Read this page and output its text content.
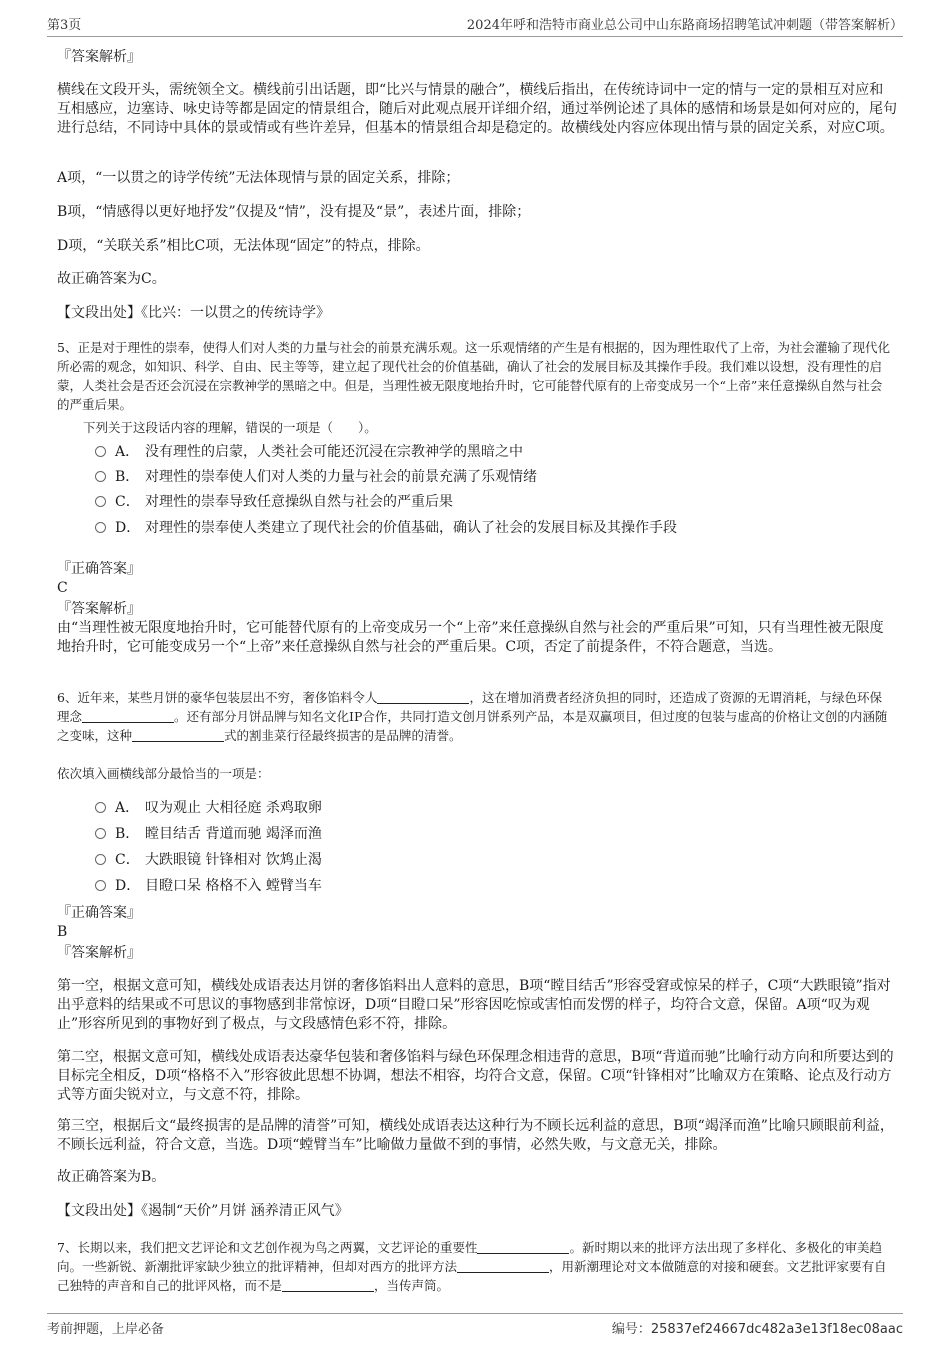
第3页	2024年呼和浩特市商业总公司中山东路商场招聘笔试冲刺题（带答案解析）
『答案解析』
横线在文段开头，需统领全文。横线前引出话题，即“比兴与情景的融合”，横线后指出，在传统诗词中一定的情与一定的景相互对应和互相感应，边塞诗、咏史诗等都是固定的情景组合，随后对此观点展开详细介绍，通过举例论述了具体的感情和场景是如何对应的，尾句进行总结，不同诗中具体的景或情或有些许差异，但基本的情景组合却是稳定的。故横线处内容应体现出情与景的固定关系，对应C项。
A项，“一以贯之的诗学传统”无法体现情与景的固定关系，排除；
B项，“情感得以更好地抒发”仅提及“情”，没有提及“景”，表述片面，排除；
D项，“关联关系”相比C项，无法体现“固定”的特点，排除。
故正确答案为C。
【文段出处】《比兴：一以贯之的传统诗学》
5、正是对于理性的崇奉，使得人们对人类的力量与社会的前景充满乐观。这一乐观情绪的产生是有根据的，因为理性取代了上帝，为社会灌输了现代化所必需的观念，如知识、科学、自由、民主等等，建立起了现代社会的价值基础，确认了社会的发展目标及其操作手段。我们难以设想，没有理性的启蒙，人类社会是否还会沉浸在宗教神学的黑暗之中。但是，当理性被无限度地抬升时，它可能替代原有的上帝变成另一个“上帝”来任意操纵自然与社会的严重后果。
下列关于这段话内容的理解，错误的一项是（　　）。
A． 没有理性的启蒙，人类社会可能还沉浸在宗教神学的黑暗之中
B． 对理性的崇奉使人们对人类的力量与社会的前景充满了乐观情绪
C． 对理性的崇奉导致任意操纵自然与社会的严重后果
D． 对理性的崇奉使人类建立了现代社会的价值基础，确认了社会的发展目标及其操作手段
『正确答案』
C
『答案解析』
由“当理性被无限度地抬升时，它可能替代原有的上帝变成另一个“上帝”来任意操纵自然与社会的严重后果”可知，只有当理性被无限度地抬升时，它可能变成另一个“上帝”来任意操纵自然与社会的严重后果。C项，否定了前提条件，不符合题意，当选。
6、近年来，某些月饼的豪华包装层出不穷，奢侈馅料令人	，这在增加消费者经济负担的同时，还造成了资源的无谓消耗，与绿色环保理念	。还有部分月饼品牌与知名文化IP合作，共同打造文创月饼系列产品，本是双赢项目，但过度的包装与虚高的价格让文创的内涵随之变味，这种	式的割韭菜行径最终损害的是品牌的清誉。
依次填入画横线部分最恰当的一项是：
A． 叹为观止 大相径庭 杀鸡取卵
B． 瞠目结舌 背道而驰 竭泽而渔
C． 大跌眼镜 针锋相对 饮鸩止渴
D． 目瞪口呆 格格不入 螳臂当车
『正确答案』
B
『答案解析』
第一空，根据文意可知，横线处成语表达月饼的奢侈馅料出人意料的意思，B项“瞠目结舌”形容受窘或惊呆的样子，C项“大跌眼镜”指对出乎意料的结果或不可思议的事物感到非常惊讶，D项“目瞪口呆”形容因吃惊或害怕而发愣的样子，均符合文意，保留。A项“叹为观止”形容所见到的事物好到了极点，与文段感情色彩不符，排除。
第二空，根据文意可知，横线处成语表达豪华包装和奢侈馅料与绿色环保理念相违背的意思，B项“背道而驰”比喻行动方向和所要达到的目标完全相反，D项“格格不入”形容彼此思想不协调，想法不相容，均符合文意，保留。C项“针锋相对”比喻双方在策略、论点及行动方式等方面尖锐对立，与文意不符，排除。
第三空，根据后文“最终损害的是品牌的清誉”可知，横线处成语表达这种行为不顾长远利益的意思，B项“竭泽而渔”比喻只顾眼前利益，不顾长远利益，符合文意，当选。D项“螳臂当车”比喻做力量做不到的事情，必然失败，与文意无关，排除。
故正确答案为B。
【文段出处】《遏制“天价”月饼 涵养清正风气》
7、长期以来，我们把文艺评论和文艺创作视为鸟之两翼，文艺评论的重要性	。新时期以来的批评方法出现了多样化、多极化的审美趋向。一些新锐、新潮批评家缺少独立的批评精神，但却对西方的批评方法	，用新潮理论对文本做随意的对接和硬套。文艺批评家要有自己独特的声音和自己的批评风格，而不是	，当传声筒。
考前押题，上岸必备	编号：25837ef24667dc482a3e13f18ec08aac
